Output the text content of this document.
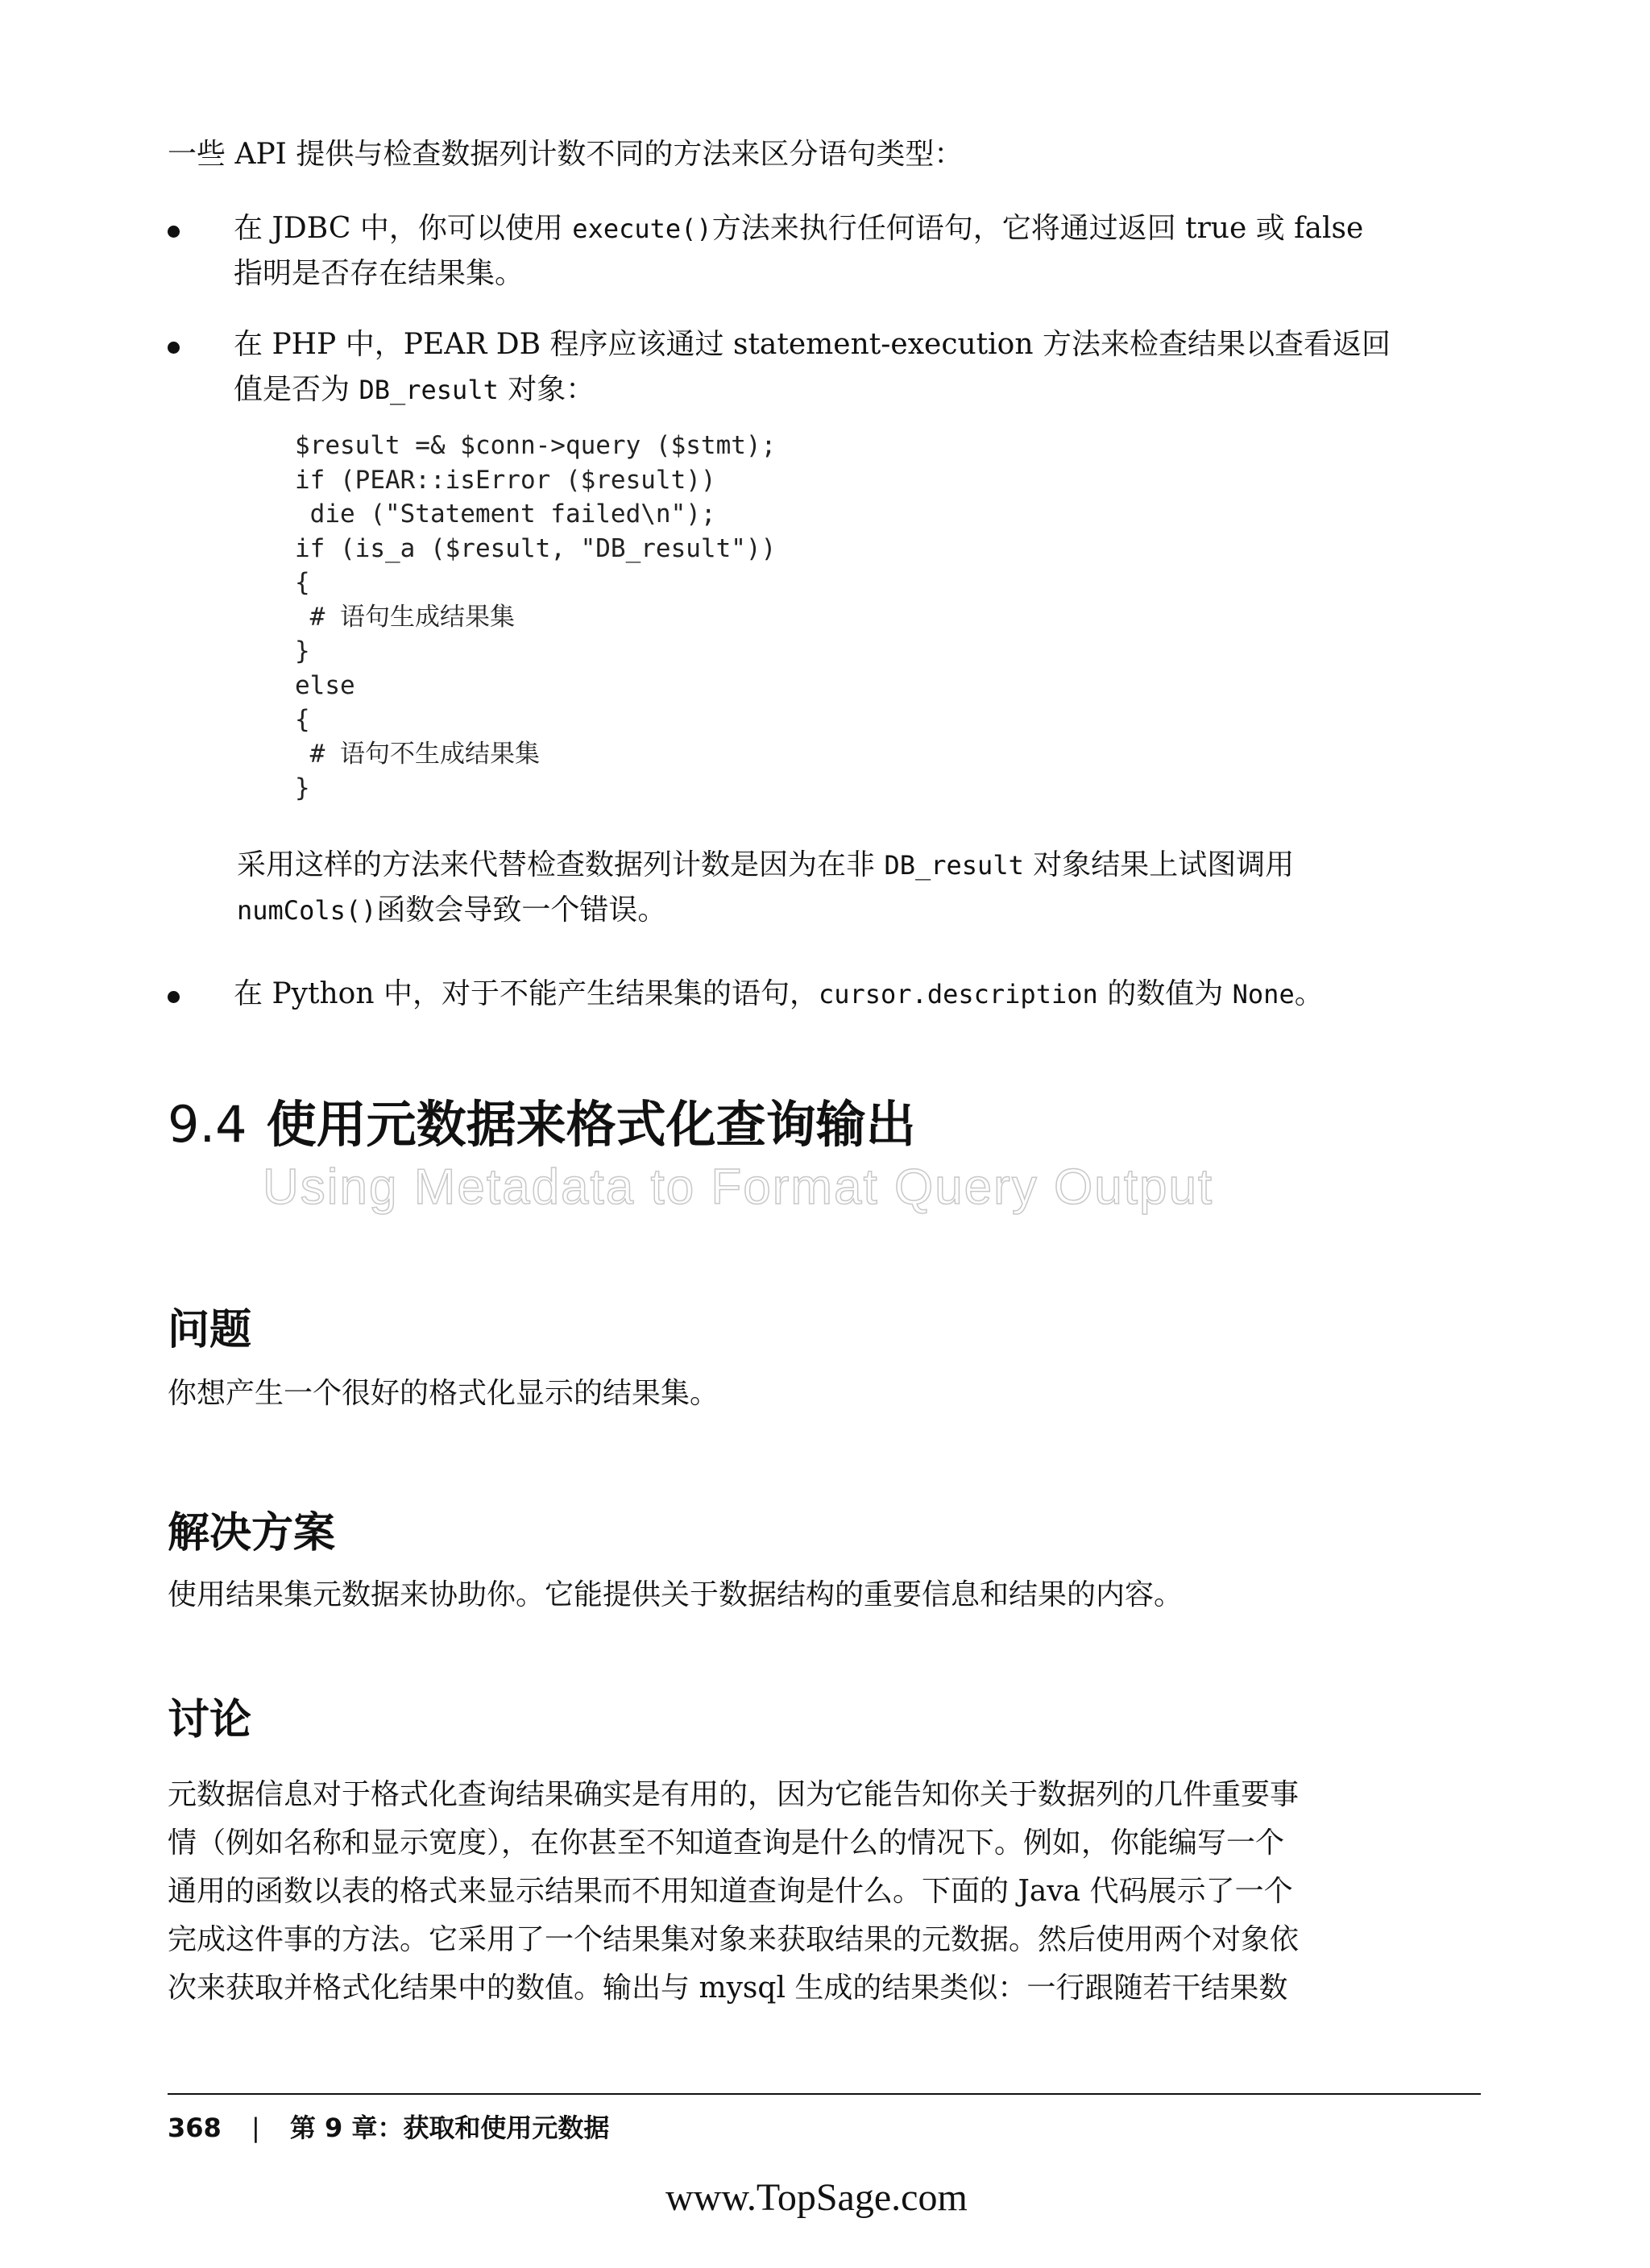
一些 API 提供与检查数据列计数不同的方法来区分语句类型：
在 JDBC 中，你可以使用 execute()方法来执行任何语句，它将通过返回 true 或 false
指明是否存在结果集。
在 PHP 中，PEAR DB 程序应该通过 statement-execution 方法来检查结果以查看返回
值是否为 DB_result 对象：
$result =& $conn->query ($stmt);
if (PEAR::isError ($result))
die ("Statement failed\n");
if (is_a ($result, "DB_result"))
{
# 语句生成结果集
}
else
{
# 语句不生成结果集
}
采用这样的方法来代替检查数据列计数是因为在非 DB_result 对象结果上试图调用
numCols()函数会导致一个错误。
在 Python 中，对于不能产生结果集的语句，cursor.description 的数值为 None。
9.4 使用元数据来格式化查询输出
Using Metadata to Format Query Output
问题
你想产生一个很好的格式化显示的结果集。
解决方案
使用结果集元数据来协助你。它能提供关于数据结构的重要信息和结果的内容。
讨论
元数据信息对于格式化查询结果确实是有用的，因为它能告知你关于数据列的几件重要事
情（例如名称和显示宽度），在你甚至不知道查询是什么的情况下。例如，你能编写一个
通用的函数以表的格式来显示结果而不用知道查询是什么。下面的 Java 代码展示了一个
完成这件事的方法。它采用了一个结果集对象来获取结果的元数据。然后使用两个对象依
次来获取并格式化结果中的数值。输出与 mysql 生成的结果类似：一行跟随若干结果数
368 | 第 9 章：获取和使用元数据
www.TopSage.com
